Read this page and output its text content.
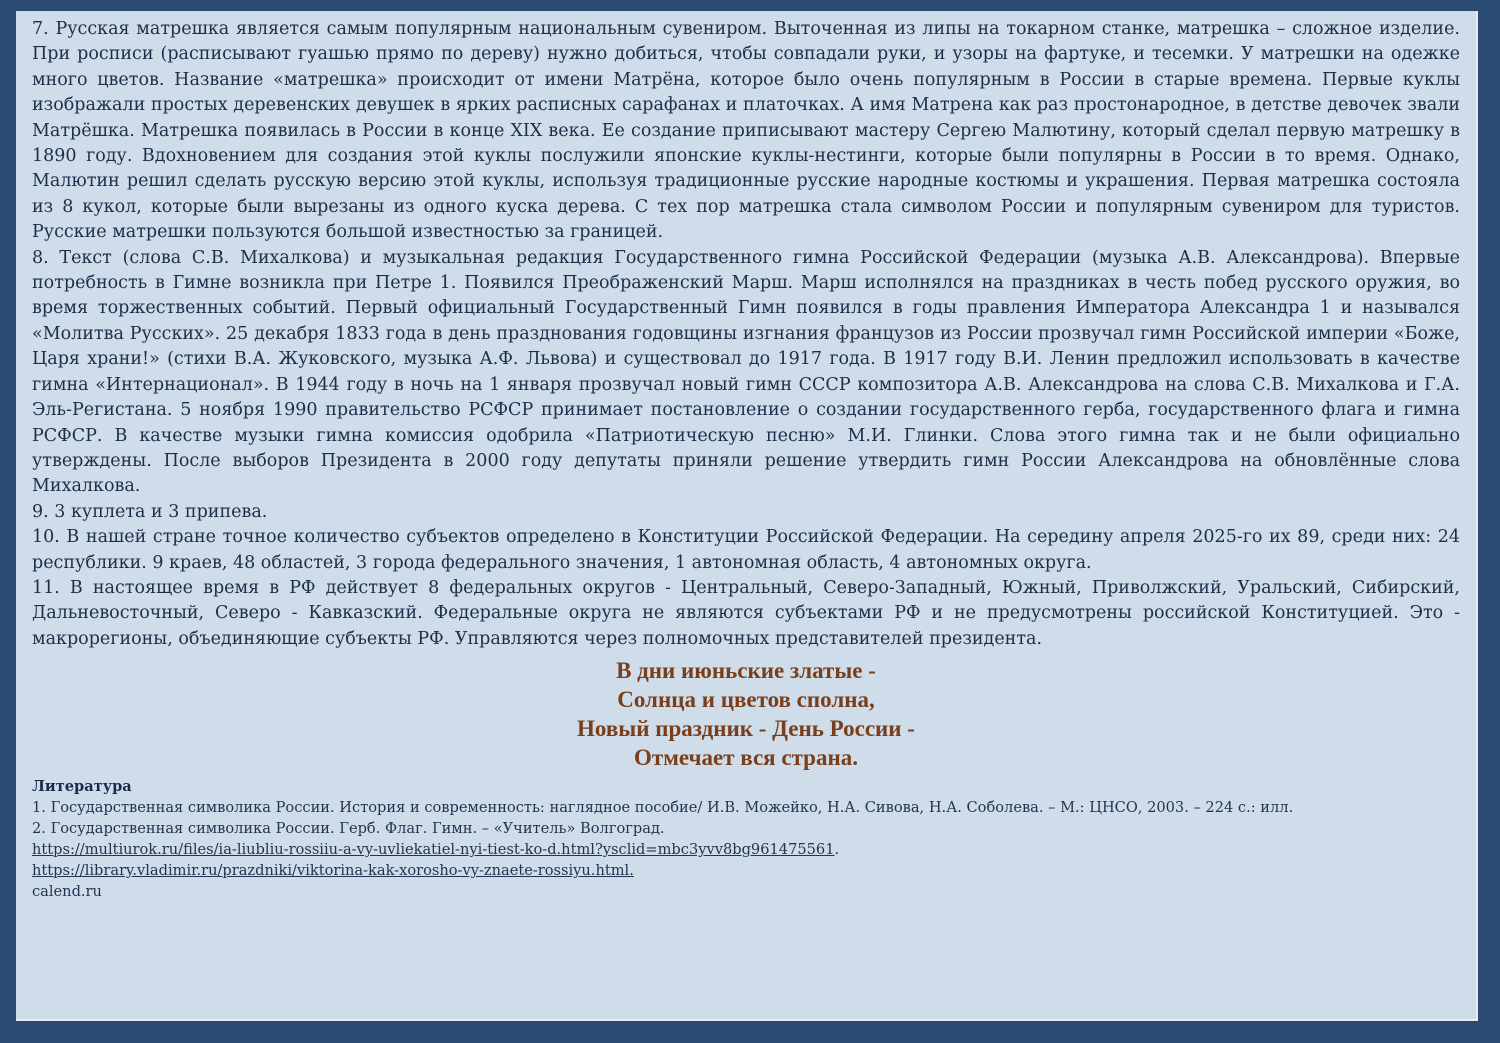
7. Русская матрешка является самым популярным национальным сувениром. Выточенная из липы на токарном станке, матрешка – сложное изделие. При росписи (расписывают гуашью прямо по дереву) нужно добиться, чтобы совпадали руки, и узоры на фартуке, и тесемки. У матрешки на одежке много цветов. Название «матрешка» происходит от имени Матрёна, которое было очень популярным в России в старые времена. Первые куклы изображали простых деревенских девушек в ярких расписных сарафанах и платочках. А имя Матрена как раз простонародное, в детстве девочек звали Матрёшка. Матрешка появилась в России в конце XIX века. Ее создание приписывают мастеру Сергею Малютину, который сделал первую матрешку в 1890 году. Вдохновением для создания этой куклы послужили японские куклы-нестинги, которые были популярны в России в то время. Однако, Малютин решил сделать русскую версию этой куклы, используя традиционные русские народные костюмы и украшения. Первая матрешка состояла из 8 кукол, которые были вырезаны из одного куска дерева. С тех пор матрешка стала символом России и популярным сувениром для туристов. Русские матрешки пользуются большой известностью за границей.

8. Текст (слова С.В. Михалкова) и музыкальная редакция Государственного гимна Российской Федерации (музыка А.В. Александрова). Впервые потребность в Гимне возникла при Петре 1. Появился Преображенский Марш. Марш исполнялся на праздниках в честь побед русского оружия, во время торжественных событий. Первый официальный Государственный Гимн появился в годы правления Императора Александра 1 и назывался «Молитва Русских». 25 декабря 1833 года в день празднования годовщины изгнания французов из России прозвучал гимн Российской империи «Боже, Царя храни!» (стихи В.А. Жуковского, музыка А.Ф. Львова) и существовал до 1917 года. В 1917 году В.И. Ленин предложил использовать в качестве гимна «Интернационал». В 1944 году в ночь на 1 января прозвучал новый гимн СССР композитора А.В. Александрова на слова С.В. Михалкова и Г.А. Эль-Регистана. 5 ноября 1990 правительство РСФСР принимает постановление о создании государственного герба, государственного флага и гимна РСФСР. В качестве музыки гимна комиссия одобрила «Патриотическую песню» М.И. Глинки. Слова этого гимна так и не были официально утверждены. После выборов Президента в 2000 году депутаты приняли решение утвердить гимн России Александрова на обновлённые слова Михалкова.

9. 3 куплета и 3 припева.

10. В нашей стране точное количество субъектов определено в Конституции Российской Федерации. На середину апреля 2025-го их 89, среди них: 24 республики. 9 краев, 48 областей, 3 города федерального значения, 1 автономная область, 4 автономных округа.

11. В настоящее время в РФ действует 8 федеральных округов - Центральный, Северо-Западный, Южный, Приволжский, Уральский, Сибирский, Дальневосточный, Северо - Кавказский. Федеральные округа не являются субъектами РФ и не предусмотрены российской Конституцией. Это - макрорегионы, объединяющие субъекты РФ. Управляются через полномочных представителей президента.

В дни июньские златые -
Солнца и цветов сполна,
Новый праздник - День России -
Отмечает вся страна.

Литература

1. Государственная символика России. История и современность: наглядное пособие/ И.В. Можейко, Н.А. Сивова, Н.А. Соболева. – М.: ЦНСО, 2003. – 224 с.: илл.

2. Государственная символика России. Герб. Флаг. Гимн. – «Учитель» Волгоград.

https://multiurok.ru/files/ia-liubliu-rossiiu-a-vy-uvliekatiel-nyi-tiest-ko-d.html?ysclid=mbc3yvv8bg961475561.

https://library.vladimir.ru/prazdniki/viktorina-kak-xorosho-vy-znaete-rossiyu.html.

calend.ru
